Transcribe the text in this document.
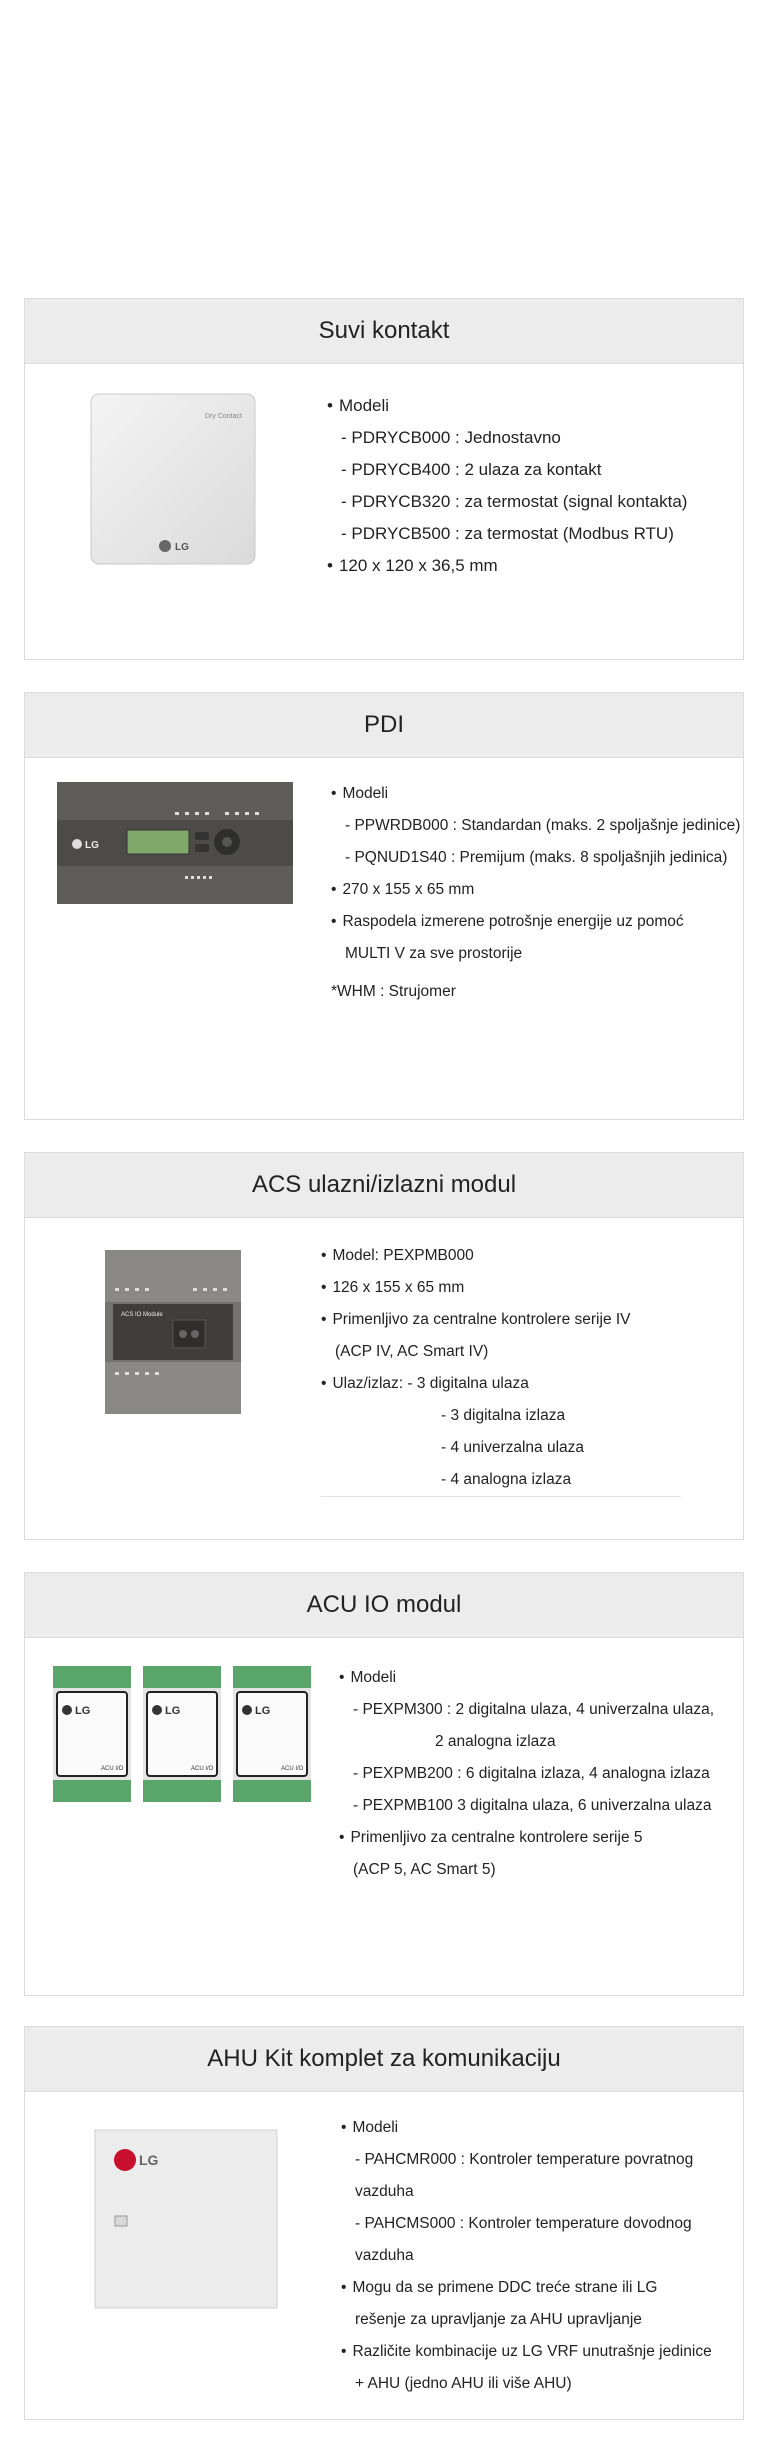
Suvi kontakt
Dry Contact
LG
• Modeli
- PDRYCB000 : Jednostavno
- PDRYCB400 : 2 ulaza za kontakt
- PDRYCB320 : za termostat (signal kontakta)
- PDRYCB500 : za termostat (Modbus RTU)
• 120 x 120 x 36,5 mm
PDI
LG
• Modeli
- PPWRDB000 : Standardan (maks. 2 spoljašnje jedinice)
- PQNUD1S40 : Premijum (maks. 8 spoljašnjih jedinica)
• 270 x 155 x 65 mm
• Raspodela izmerene potrošnje energije uz pomoć
MULTI V za sve prostorije
*WHM : Strujomer
ACS ulazni/izlazni modul
ACS IO Module
• Model: PEXPMB000
• 126 x 155 x 65 mm
• Primenljivo za centralne kontrolere serije IV
(ACP IV, AC Smart IV)
• Ulaz/izlaz: - 3 digitalna ulaza
- 3 digitalna izlaza
- 4 univerzalna ulaza
- 4 analogna izlaza
ACU IO modul
LG	LG	LG
ACU I/O	ACU I/O	ACU I/O
• Modeli
- PEXPM300 : 2 digitalna ulaza, 4 univerzalna ulaza,
2 analogna izlaza
- PEXPMB200 : 6 digitalna izlaza, 4 analogna izlaza
- PEXPMB100 3 digitalna ulaza, 6 univerzalna ulaza
• Primenljivo za centralne kontrolere serije 5
(ACP 5, AC Smart 5)
AHU Kit komplet za komunikaciju
LG
• Modeli
- PAHCMR000 : Kontroler temperature povratnog
vazduha
- PAHCMS000 : Kontroler temperature dovodnog
vazduha
• Mogu da se primene DDC treće strane ili LG
rešenje za upravljanje za AHU upravljanje
• Različite kombinacije uz LG VRF unutrašnje jedinice
+ AHU (jedno AHU ili više AHU)
